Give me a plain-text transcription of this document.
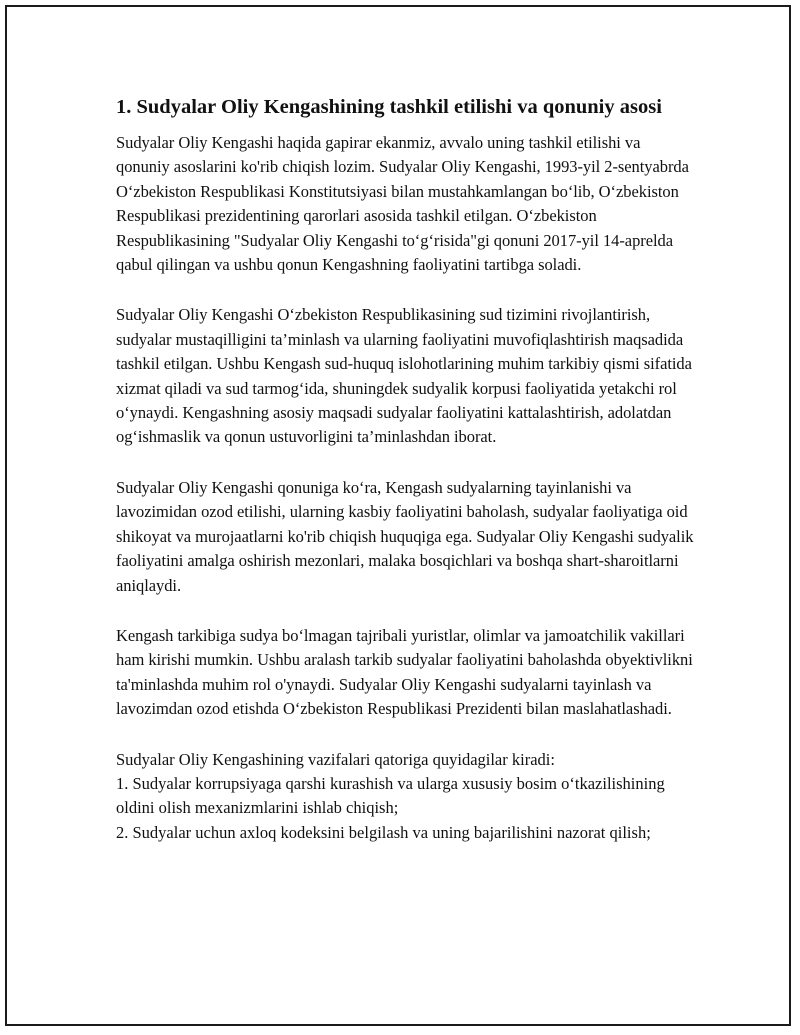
1. Sudyalar Oliy Kengashining tashkil etilishi va qonuniy asosi

Sudyalar Oliy Kengashi haqida gapirar ekanmiz, avvalo uning tashkil etilishi va qonuniy asoslarini ko'rib chiqish lozim. Sudyalar Oliy Kengashi, 1993-yil 2-sentyabrda O‘zbekiston Respublikasi Konstitutsiyasi bilan mustahkamlangan bo‘lib, O‘zbekiston Respublikasi prezidentining qarorlari asosida tashkil etilgan. O‘zbekiston Respublikasining "Sudyalar Oliy Kengashi to‘g‘risida"gi qonuni 2017-yil 14-aprelda qabul qilingan va ushbu qonun Kengashning faoliyatini tartibga soladi.

Sudyalar Oliy Kengashi O‘zbekiston Respublikasining sud tizimini rivojlantirish, sudyalar mustaqilligini ta’minlash va ularning faoliyatini muvofiqlashtirish maqsadida tashkil etilgan. Ushbu Kengash sud-huquq islohotlarining muhim tarkibiy qismi sifatida xizmat qiladi va sud tarmog‘ida, shuningdek sudyalik korpusi faoliyatida yetakchi rol o‘ynaydi. Kengashning asosiy maqsadi sudyalar faoliyatini kattalashtirish, adolatdan og‘ishmaslik va qonun ustuvorligini ta’minlashdan iborat.

Sudyalar Oliy Kengashi qonuniga ko‘ra, Kengash sudyalarning tayinlanishi va lavozimidan ozod etilishi, ularning kasbiy faoliyatini baholash, sudyalar faoliyatiga oid shikoyat va murojaatlarni ko'rib chiqish huquqiga ega. Sudyalar Oliy Kengashi sudyalik faoliyatini amalga oshirish mezonlari, malaka bosqichlari va boshqa shart-sharoitlarni aniqlaydi.

Kengash tarkibiga sudya bo‘lmagan tajribali yuristlar, olimlar va jamoatchilik vakillari ham kirishi mumkin. Ushbu aralash tarkib sudyalar faoliyatini baholashda obyektivlikni ta'minlashda muhim rol o'ynaydi. Sudyalar Oliy Kengashi sudyalarni tayinlash va lavozimdan ozod etishda O‘zbekiston Respublikasi Prezidenti bilan maslahatlashadi.

Sudyalar Oliy Kengashining vazifalari qatoriga quyidagilar kiradi:
1. Sudyalar korrupsiyaga qarshi kurashish va ularga xususiy bosim o‘tkazilishining oldini olish mexanizmlarini ishlab chiqish;
2. Sudyalar uchun axloq kodeksini belgilash va uning bajarilishini nazorat qilish;
